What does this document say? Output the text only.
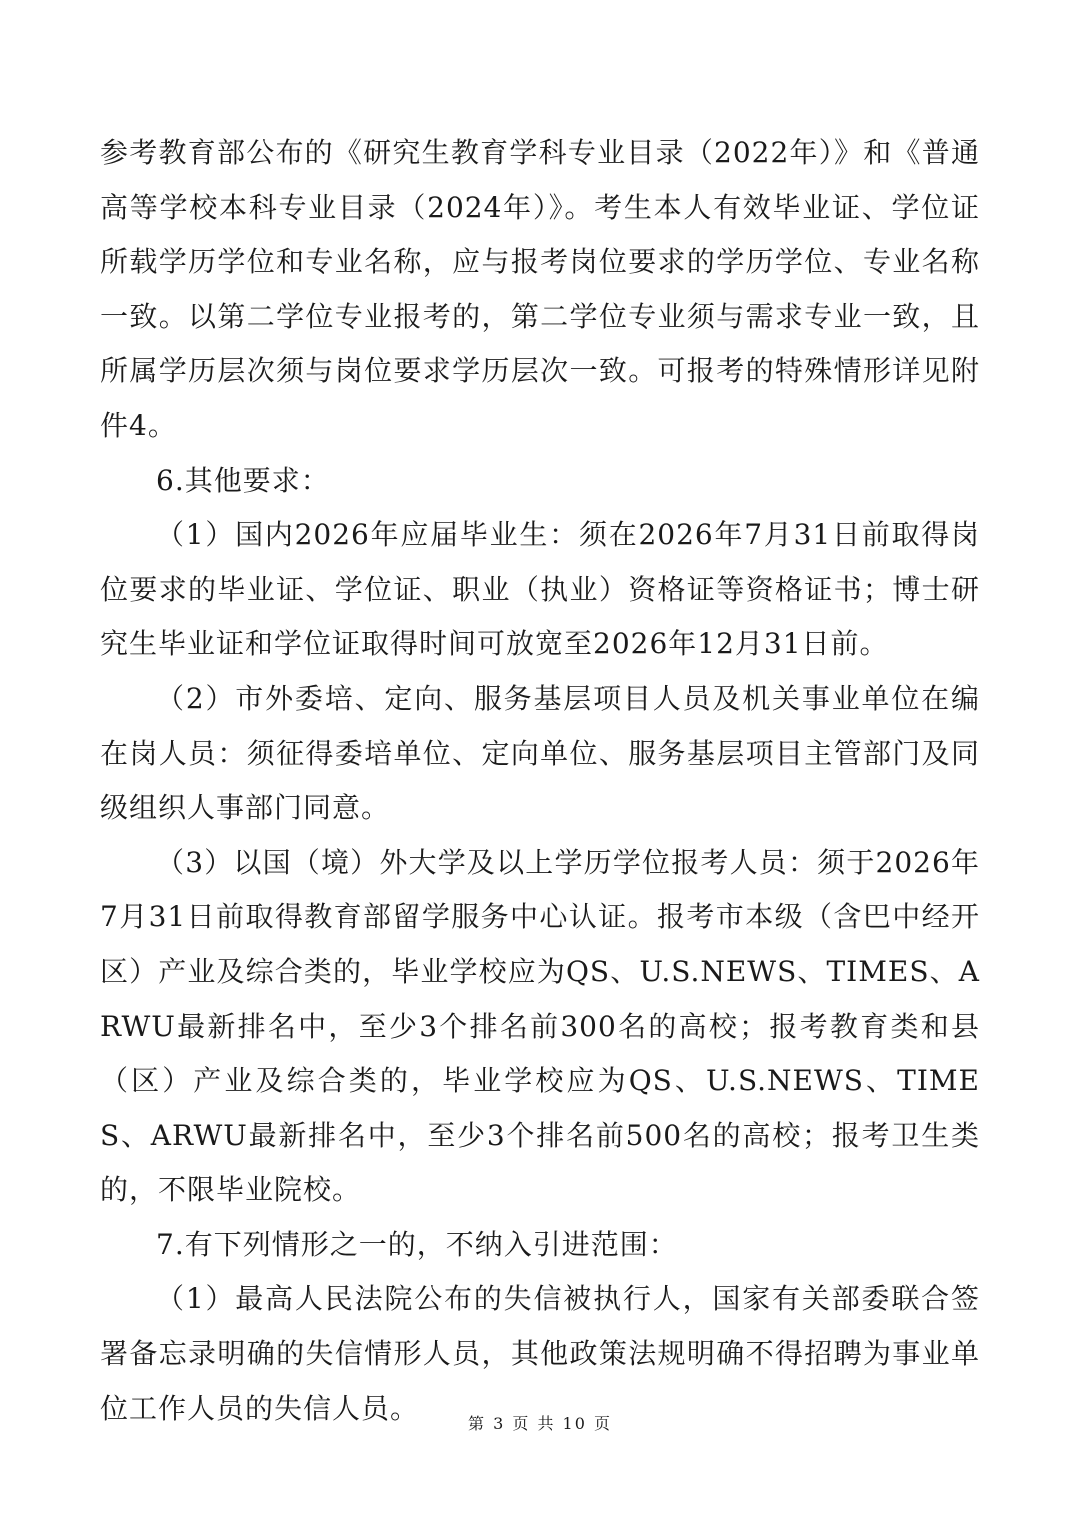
参考教育部公布的《研究生教育学科专业目录（2022年）》和《普通高等学校本科专业目录（2024年）》。考生本人有效毕业证、学位证所载学历学位和专业名称，应与报考岗位要求的学历学位、专业名称一致。以第二学位专业报考的，第二学位专业须与需求专业一致，且所属学历层次须与岗位要求学历层次一致。可报考的特殊情形详见附件4。

6.其他要求：

（1）国内2026年应届毕业生：须在2026年7月31日前取得岗位要求的毕业证、学位证、职业（执业）资格证等资格证书；博士研究生毕业证和学位证取得时间可放宽至2026年12月31日前。

（2）市外委培、定向、服务基层项目人员及机关事业单位在编在岗人员：须征得委培单位、定向单位、服务基层项目主管部门及同级组织人事部门同意。

（3）以国（境）外大学及以上学历学位报考人员：须于2026年7月31日前取得教育部留学服务中心认证。报考市本级（含巴中经开区）产业及综合类的，毕业学校应为QS、U.S.NEWS、TIMES、ARWU最新排名中，至少3个排名前300名的高校；报考教育类和县（区）产业及综合类的，毕业学校应为QS、U.S.NEWS、TIMES、ARWU最新排名中，至少3个排名前500名的高校；报考卫生类的，不限毕业院校。

7.有下列情形之一的，不纳入引进范围：

（1）最高人民法院公布的失信被执行人，国家有关部委联合签署备忘录明确的失信情形人员，其他政策法规明确不得招聘为事业单位工作人员的失信人员。	第 3 页 共 10 页
